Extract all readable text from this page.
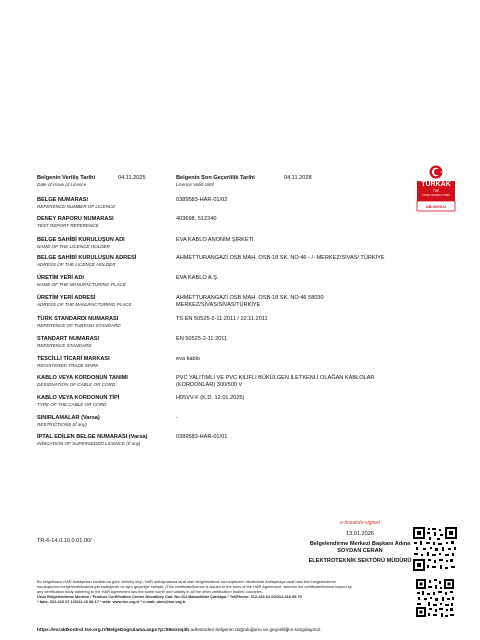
Belgenin Veriliş Tarihi
Date of Issue of Licence
04.11.2025	Belgenin Son Geçerlilik Tarihi
Licence Valid Until
04.11.2028
TÜRKAK
TSE
TS EN ISO/IEC 17065
AB-0009-U
BELGE NUMARASI
REFERENCE NUMBER OF LICENCE
0389583-HAR-01/02
DENEY RAPORU NUMARASI
TEST REPORT REFERENCE
403698, 512240
BELGE SAHİBİ KURULUŞUN ADI
NAME OF THE LICENCE HOLDER
EVA KABLO ANONİM ŞİRKETİ
BELGE SAHİBİ KURULUŞUN ADRESİ
ADRESS OF THE LICENCE HOLDER
AHMETTURANGAZİ OSB MAH. OSB-18 SK. NO:46 - /- MERKEZ/SİVAS/ TÜRKİYE
ÜRETİM YERİ ADI
NAME OF THE MANUFACTURING PLACE
EVA KABLO A.Ş.
ÜRETİM YERİ ADRESİ
ADRESS OF THE MANUFACTURING PLACE
AHMETTURANGAZİ OSB MAH. OSB-18 SK. NO:46 58030
MERKEZ/SİVAS/SİVAS/TÜRKİYE
TÜRK STANDARDI NUMARASI
REFERENCE OF TURKISH STANDARD
TS EN 50525-2-11:2011 / 22.11.2011
STANDART NUMARASI
REFERENCE STANDARD
EN 50525-2-11:2011
TESCİLLİ TİCARİ MARKASI
REGISTERED TRADE MARK
eva kablo
KABLO VEYA KORDONUN TANIMI
DESIGNATION OF CABLE OR CORD
PVC YALITIMLI VE PVC KILIFLI BÜKÜLGEN İLETKENLİ OLAĞAN KABLOLAR
(KORDONLAR) 300/500 V
KABLO VEYA KORDONUN TİPİ
TYPE OF THE CABLE OR CORD
H05VV-F (K.D. 12.01.2025)
SINIRLAMALAR (Varsa)
RESTRICTIONS (If any)
-
İPTAL EDİLEN BELGE NUMARASI (Varsa)
INDICATION OF SUPERSEDED LICENCE (If any)
0389583-HAR-01/01
e-imzalıdır-signed
13.01.2026
Belgelendirme Merkezi Başkanı Adına
SOYDAN CERAN
ELEKTROTEKNİK SEKTÖRÜ MÜDÜRÜ
TR-6-14.0.10.0.01.00/ :
Bu belgelisans HAR Antlaşması kurallarına göre verilmiş olup, HAR antlaşmasına taraf olan belgelendirme kuruluşlarının ülkelerinde Antlaşmaya taraf olan tüm belgelendirme
kuruluşlarının belgelendirilisanlarıyla eşdeğerdir ve aynı geçerliğe sahiptir. /This certificate/licence is issued to the rules of the HAR Agreement, wherein the certificate/licence issued by
any certification body adhering to the HAR Agreement has the same worth and validity in all the other certification bodies' countries.
Ürün Belgelendirme Merkezi / Product Certification Center Necatibey Cad. No:112 Bakanlıklar Çankaya * Tel/Phone: 312-416 62 00/312-416 65 70
* faks: 312-416 67 12/312-16 68 17 * web: www.tse.org.tr * e-mail: ubm@tse.org.tr
https://evraktkontrol.tse.org.tr/BelgeDogrulama.aspx?p=59wxnq3b adresinden belgenin doğruluğunu ve geçerliliğini sorgulayınız.
